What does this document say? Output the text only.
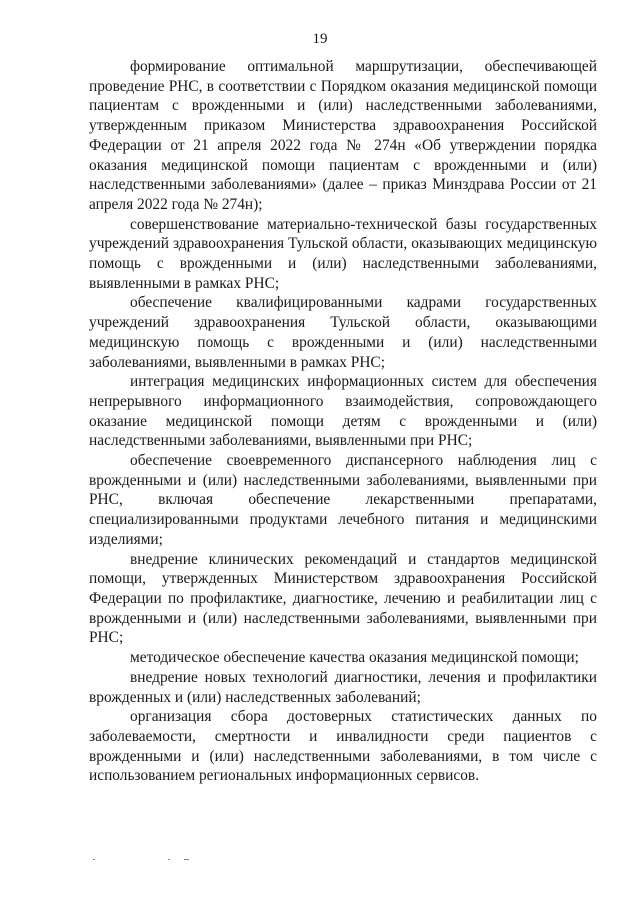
19

формирование оптимальной маршрутизации, обеспечивающей проведение РНС, в соответствии с Порядком оказания медицинской помощи пациентам с врожденными и (или) наследственными заболеваниями, утвержденным приказом Министерства здравоохранения Российской Федерации от 21 апреля 2022 года № 274н «Об утверждении порядка оказания медицинской помощи пациентам с врожденными и (или) наследственными заболеваниями» (далее – приказ Минздрава России от 21 апреля 2022 года № 274н);

совершенствование материально-технической базы государственных учреждений здравоохранения Тульской области, оказывающих медицинскую помощь с врожденными и (или) наследственными заболеваниями, выявленными в рамках РНС;

обеспечение квалифицированными кадрами государственных учреждений здравоохранения Тульской области, оказывающими медицинскую помощь с врожденными и (или) наследственными заболеваниями, выявленными в рамках РНС;

интеграция медицинских информационных систем для обеспечения непрерывного информационного взаимодействия, сопровождающего оказание медицинской помощи детям с врожденными и (или) наследственными заболеваниями, выявленными при РНС;

обеспечение своевременного диспансерного наблюдения лиц с врожденными и (или) наследственными заболеваниями, выявленными при РНС, включая обеспечение лекарственными препаратами, специализированными продуктами лечебного питания и медицинскими изделиями;

внедрение клинических рекомендаций и стандартов медицинской помощи, утвержденных Министерством здравоохранения Российской Федерации по профилактике, диагностике, лечению и реабилитации лиц с врожденными и (или) наследственными заболеваниями, выявленными при РНС;

методическое обеспечение качества оказания медицинской помощи;

внедрение новых технологий диагностики, лечения и профилактики врожденных и (или) наследственных заболеваний;

организация сбора достоверных статистических данных по заболеваемости, смертности и инвалидности среди пациентов с врожденными и (или) наследственными заболеваниями, в том числе с использованием региональных информационных сервисов.
